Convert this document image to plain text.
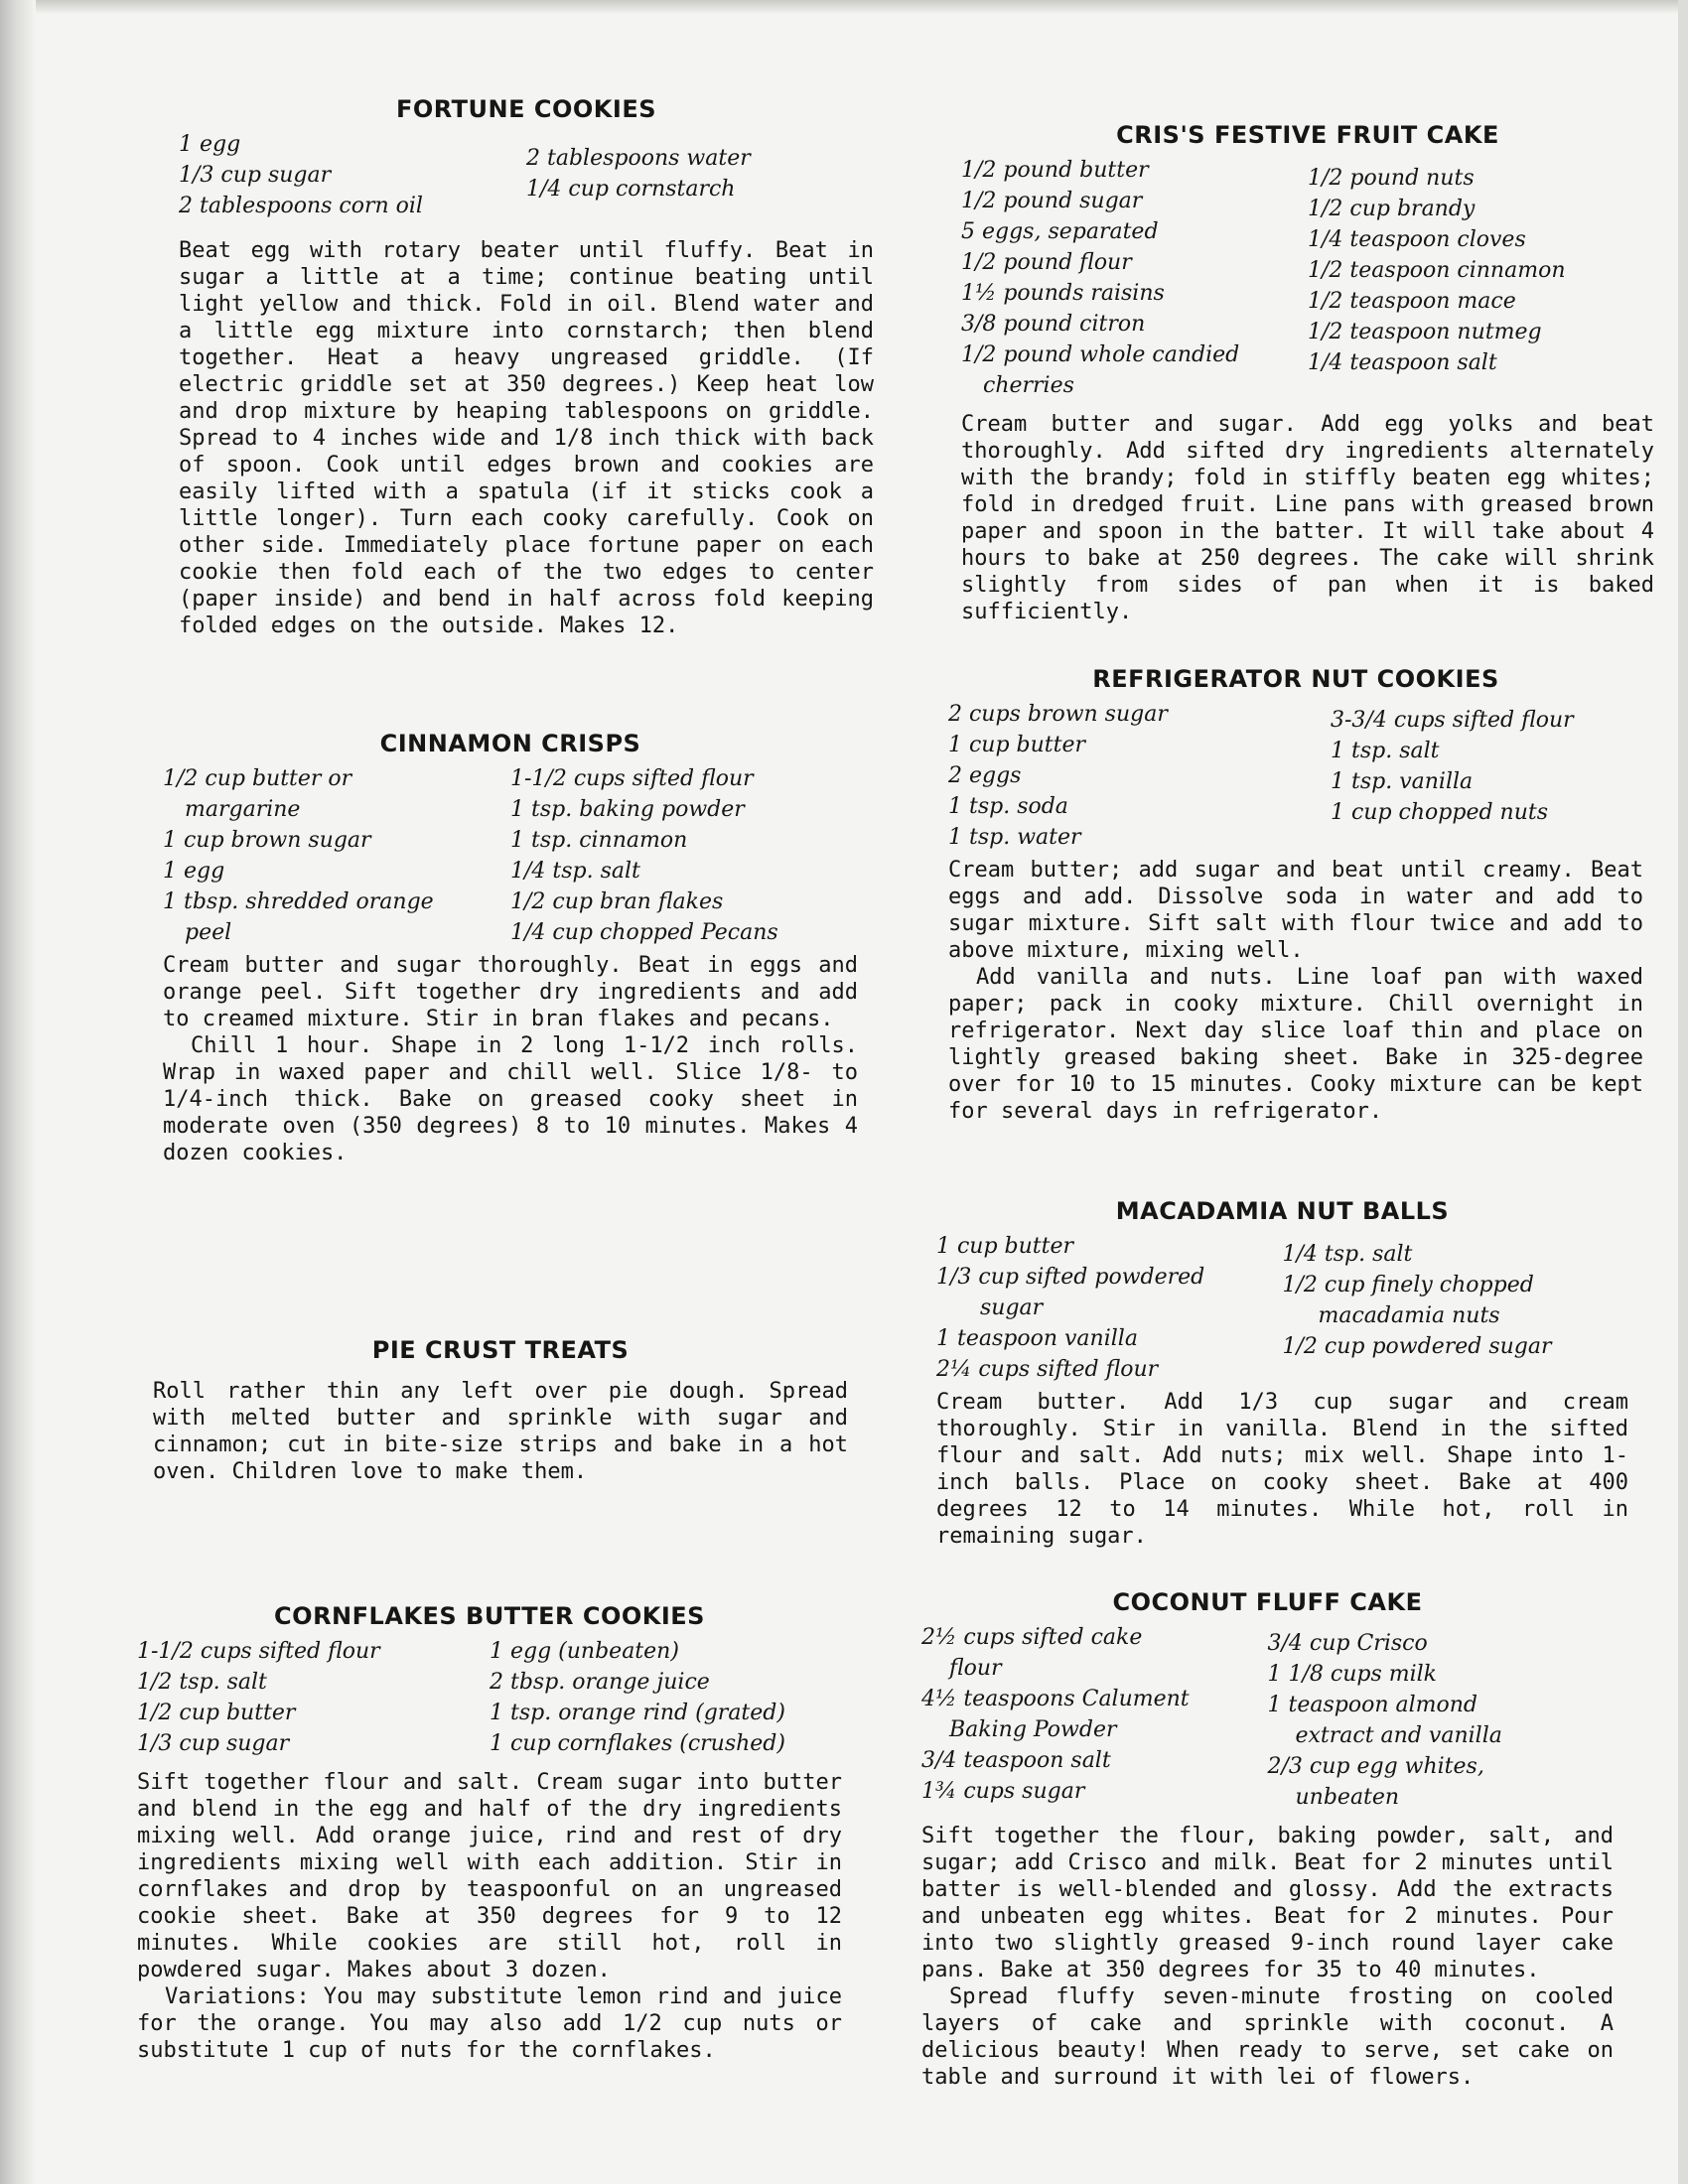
FORTUNE COOKIES
1 egg
1/3 cup sugar
2 tablespoons corn oil
2 tablespoons water
1/4 cup cornstarch

Beat egg with rotary beater until fluffy. Beat in sugar a little at a time; continue beating until light yellow and thick. Fold in oil. Blend water and a little egg mixture into cornstarch; then blend together. Heat a heavy ungreased griddle. (If electric griddle set at 350 degrees.) Keep heat low and drop mixture by heaping tablespoons on griddle. Spread to 4 inches wide and 1/8 inch thick with back of spoon. Cook until edges brown and cookies are easily lifted with a spatula (if it sticks cook a little longer). Turn each cooky carefully. Cook on other side. Immediately place fortune paper on each cookie then fold each of the two edges to center (paper inside) and bend in half across fold keeping folded edges on the outside. Makes 12.

CINNAMON CRISPS
1/2 cup butter or
margarine
1 cup brown sugar
1 egg
1 tbsp. shredded orange
peel
1-1/2 cups sifted flour
1 tsp. baking powder
1 tsp. cinnamon
1/4 tsp. salt
1/2 cup bran flakes
1/4 cup chopped Pecans

Cream butter and sugar thoroughly. Beat in eggs and orange peel. Sift together dry ingredients and add to creamed mixture. Stir in bran flakes and pecans.

Chill 1 hour. Shape in 2 long 1-1/2 inch rolls. Wrap in waxed paper and chill well. Slice 1/8- to 1/4-inch thick. Bake on greased cooky sheet in moderate oven (350 degrees) 8 to 10 minutes. Makes 4 dozen cookies.

PIE CRUST TREATS

Roll rather thin any left over pie dough. Spread with melted butter and sprinkle with sugar and cinnamon; cut in bite-size strips and bake in a hot oven. Children love to make them.

CORNFLAKES BUTTER COOKIES
1-1/2 cups sifted flour
1/2 tsp. salt
1/2 cup butter
1/3 cup sugar
1 egg (unbeaten)
2 tbsp. orange juice
1 tsp. orange rind (grated)
1 cup cornflakes (crushed)

Sift together flour and salt. Cream sugar into butter and blend in the egg and half of the dry ingredients mixing well. Add orange juice, rind and rest of dry ingredients mixing well with each addition. Stir in cornflakes and drop by teaspoonful on an ungreased cookie sheet. Bake at 350 degrees for 9 to 12 minutes. While cookies are still hot, roll in powdered sugar. Makes about 3 dozen.

Variations: You may substitute lemon rind and juice for the orange. You may also add 1/2 cup nuts or substitute 1 cup of nuts for the cornflakes.

CRIS'S FESTIVE FRUIT CAKE
1/2 pound butter
1/2 pound sugar
5 eggs, separated
1/2 pound flour
1½ pounds raisins
3/8 pound citron
1/2 pound whole candied
cherries
1/2 pound nuts
1/2 cup brandy
1/4 teaspoon cloves
1/2 teaspoon cinnamon
1/2 teaspoon mace
1/2 teaspoon nutmeg
1/4 teaspoon salt

Cream butter and sugar. Add egg yolks and beat thoroughly. Add sifted dry ingredients alternately with the brandy; fold in stiffly beaten egg whites; fold in dredged fruit. Line pans with greased brown paper and spoon in the batter. It will take about 4 hours to bake at 250 degrees. The cake will shrink slightly from sides of pan when it is baked sufficiently.

REFRIGERATOR NUT COOKIES
2 cups brown sugar
1 cup butter
2 eggs
1 tsp. soda
1 tsp. water
3-3/4 cups sifted flour
1 tsp. salt
1 tsp. vanilla
1 cup chopped nuts

Cream butter; add sugar and beat until creamy. Beat eggs and add. Dissolve soda in water and add to sugar mixture. Sift salt with flour twice and add to above mixture, mixing well.

Add vanilla and nuts. Line loaf pan with waxed paper; pack in cooky mixture. Chill overnight in refrigerator. Next day slice loaf thin and place on lightly greased baking sheet. Bake in 325-degree over for 10 to 15 minutes. Cooky mixture can be kept for several days in refrigerator.

MACADAMIA NUT BALLS
1 cup butter
1/3 cup sifted powdered
sugar
1 teaspoon vanilla
2¼ cups sifted flour
1/4 tsp. salt
1/2 cup finely chopped
macadamia nuts
1/2 cup powdered sugar

Cream butter. Add 1/3 cup sugar and cream thoroughly. Stir in vanilla. Blend in the sifted flour and salt. Add nuts; mix well. Shape into 1-inch balls. Place on cooky sheet. Bake at 400 degrees 12 to 14 minutes. While hot, roll in remaining sugar.

COCONUT FLUFF CAKE
2½ cups sifted cake
flour
4½ teaspoons Calument
Baking Powder
3/4 teaspoon salt
1¾ cups sugar
3/4 cup Crisco
1 1/8 cups milk
1 teaspoon almond
extract and vanilla
2/3 cup egg whites,
unbeaten

Sift together the flour, baking powder, salt, and sugar; add Crisco and milk. Beat for 2 minutes until batter is well-blended and glossy. Add the extracts and unbeaten egg whites. Beat for 2 minutes. Pour into two slightly greased 9-inch round layer cake pans. Bake at 350 degrees for 35 to 40 minutes.

Spread fluffy seven-minute frosting on cooled layers of cake and sprinkle with coconut. A delicious beauty! When ready to serve, set cake on table and surround it with lei of flowers.
